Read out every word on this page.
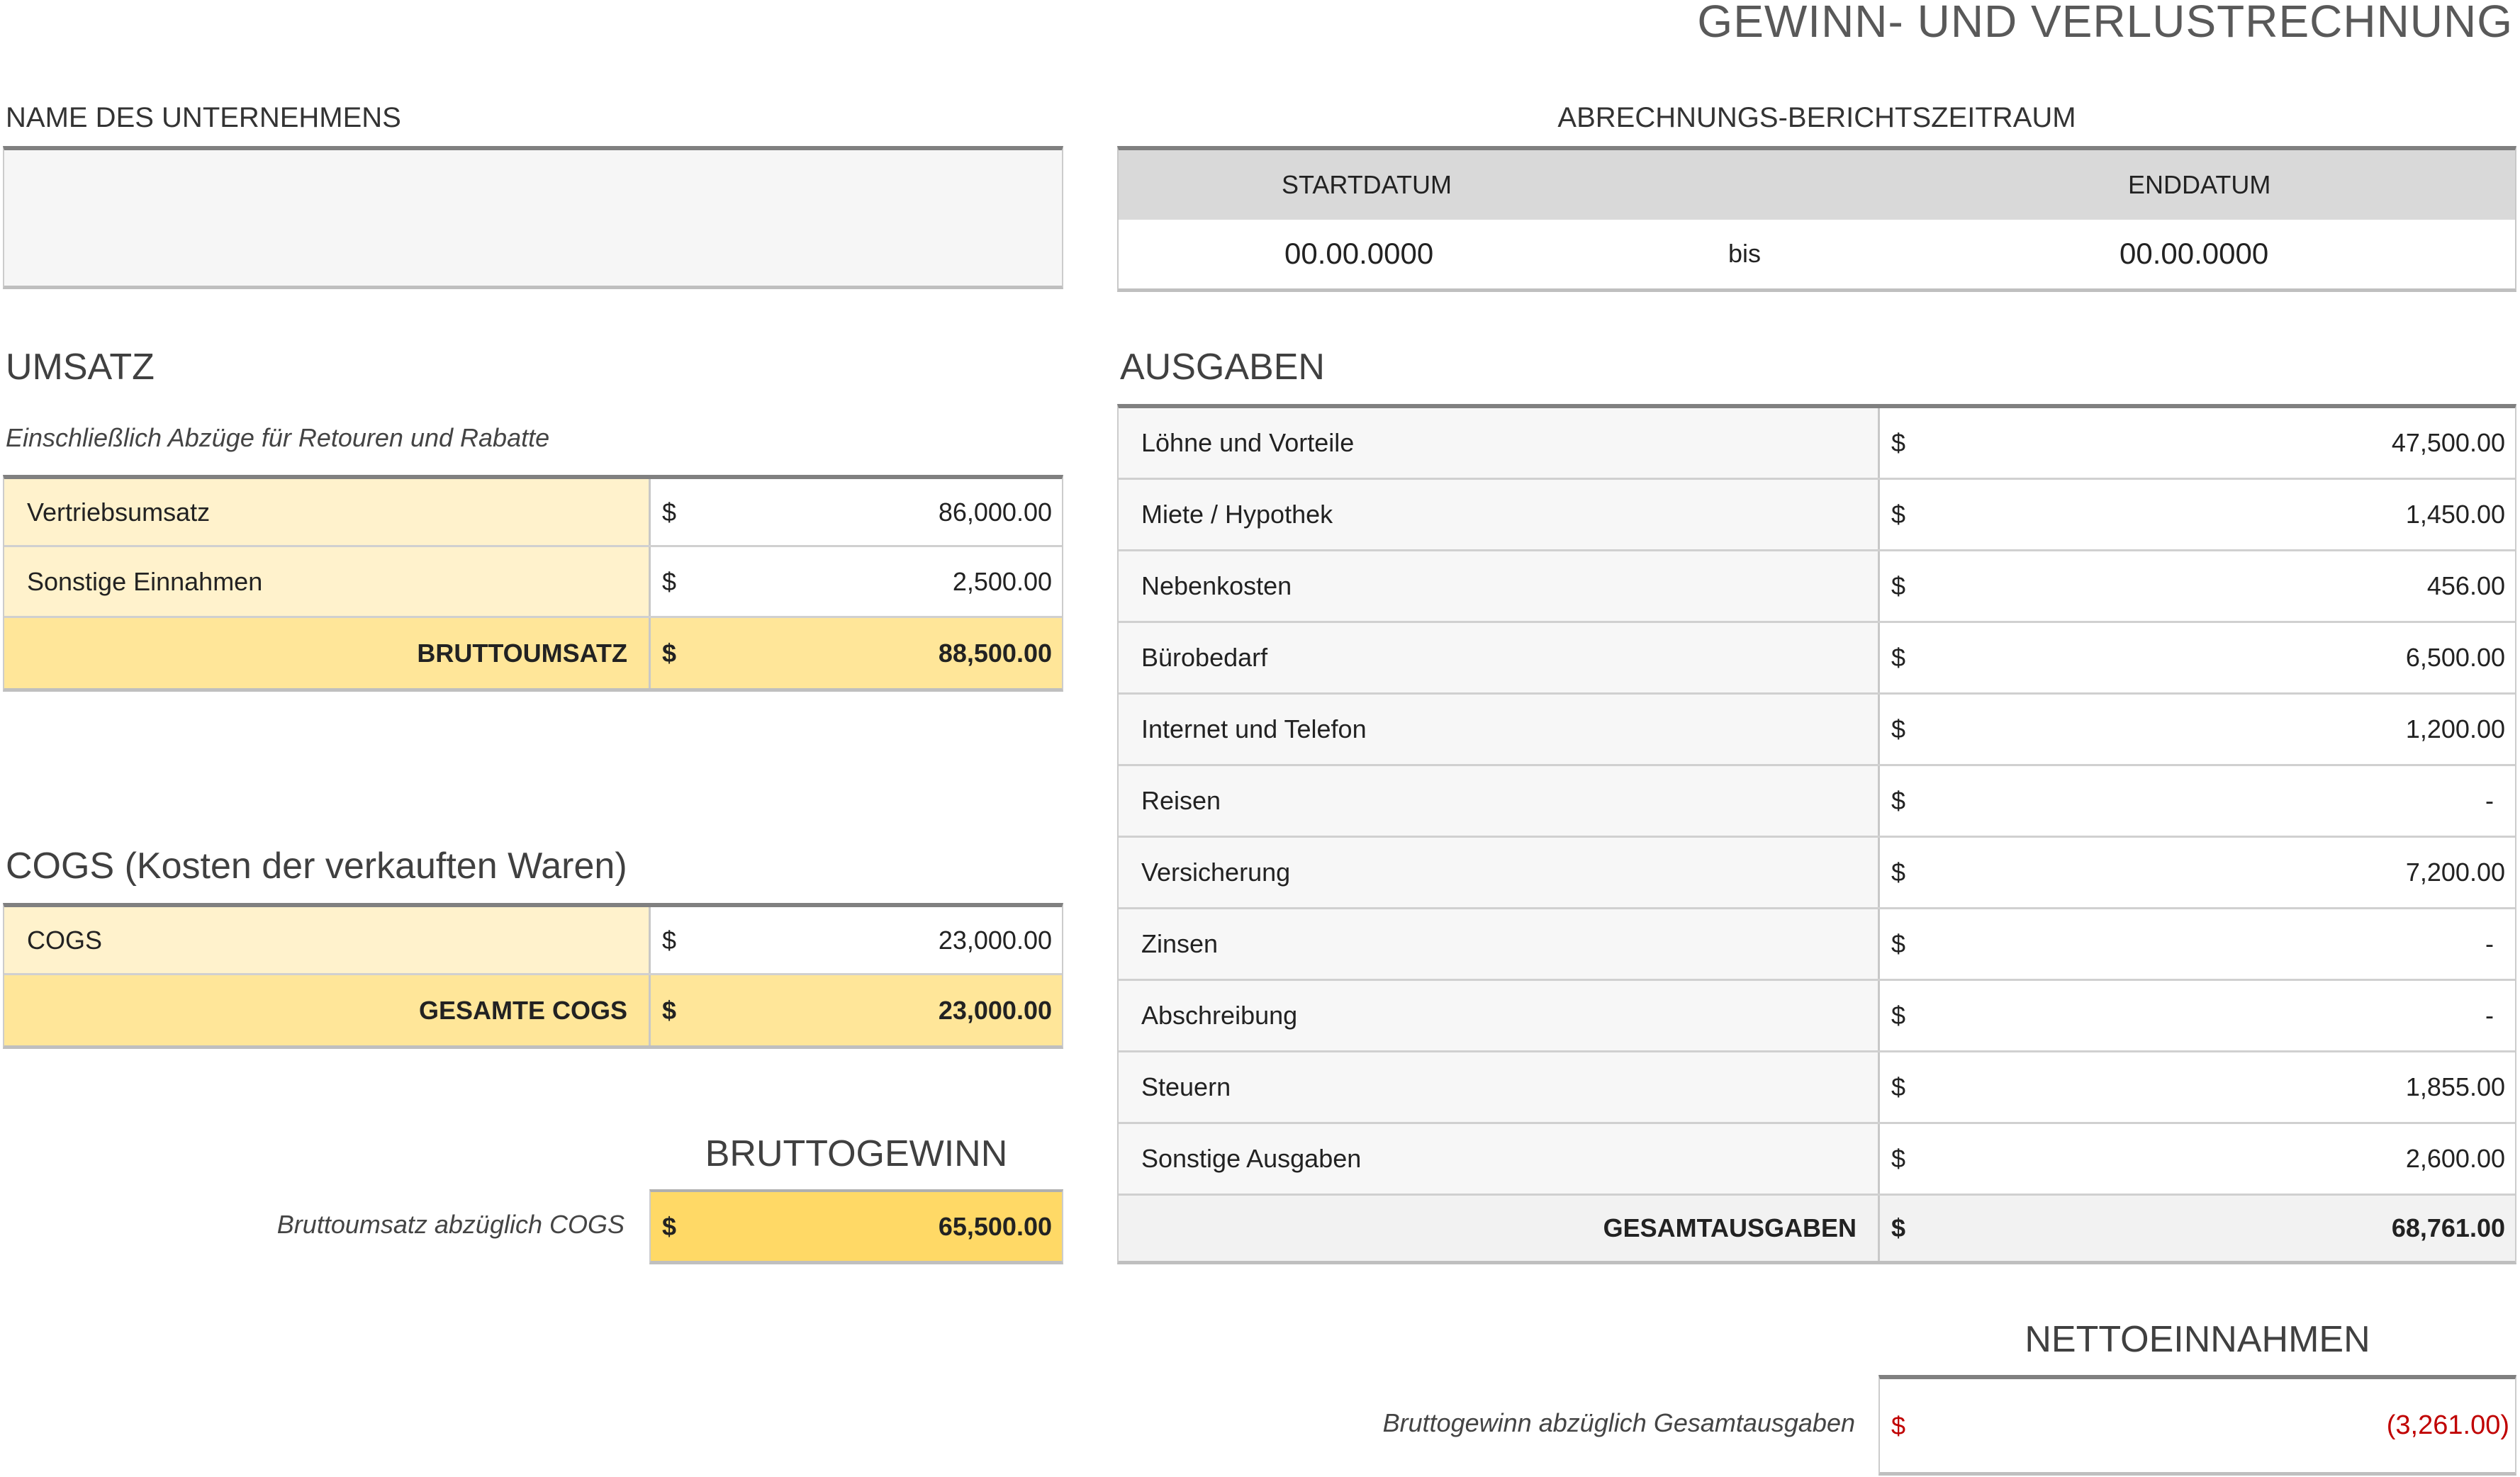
GEWINN- UND VERLUSTRECHNUNG
NAME DES UNTERNEHMENS	ABRECHNUNGS-BERICHTSZEITRAUM
STARTDATUM	ENDDATUM
00.00.0000	bis	00.00.0000
UMSATZ
Einschließlich Abzüge für Retouren und Rabatte
Vertriebsumsatz	$	86,000.00
Sonstige Einnahmen	$	2,500.00
BRUTTOUMSATZ $	88,500.00
COGS (Kosten der verkauften Waren)
COGS	$	23,000.00
GESAMTE COGS $	23,000.00
BRUTTOGEWINN
Bruttoumsatz abzüglich COGS $	65,500.00
AUSGABEN
Löhne und Vorteile	$	47,500.00
Miete / Hypothek	$	1,450.00
Nebenkosten	$	456.00
Bürobedarf	$	6,500.00
Internet und Telefon	$	1,200.00
Reisen	$	-
Versicherung	$	7,200.00
Zinsen	$	-
Abschreibung	$	-
Steuern	$	1,855.00
Sonstige Ausgaben	$	2,600.00
GESAMTAUSGABEN $	68,761.00
NETTOEINNAHMEN
Bruttogewinn abzüglich Gesamtausgaben $	(3,261.00)
